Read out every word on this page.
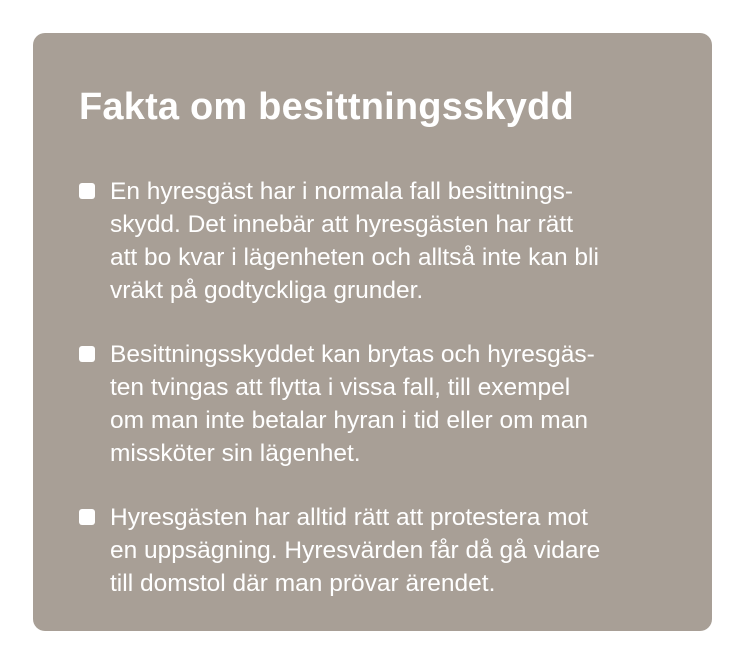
Fakta om besittningsskydd
En hyresgäst har i normala fall besittnings-
skydd. Det innebär att hyresgästen har rätt
att bo kvar i lägenheten och alltså inte kan bli
vräkt på godtyckliga grunder.
Besittningsskyddet kan brytas och hyresgäs-
ten tvingas att flytta i vissa fall, till exempel
om man inte betalar hyran i tid eller om man
missköter sin lägenhet.
Hyresgästen har alltid rätt att protestera mot
en uppsägning. Hyresvärden får då gå vidare
till domstol där man prövar ärendet.
